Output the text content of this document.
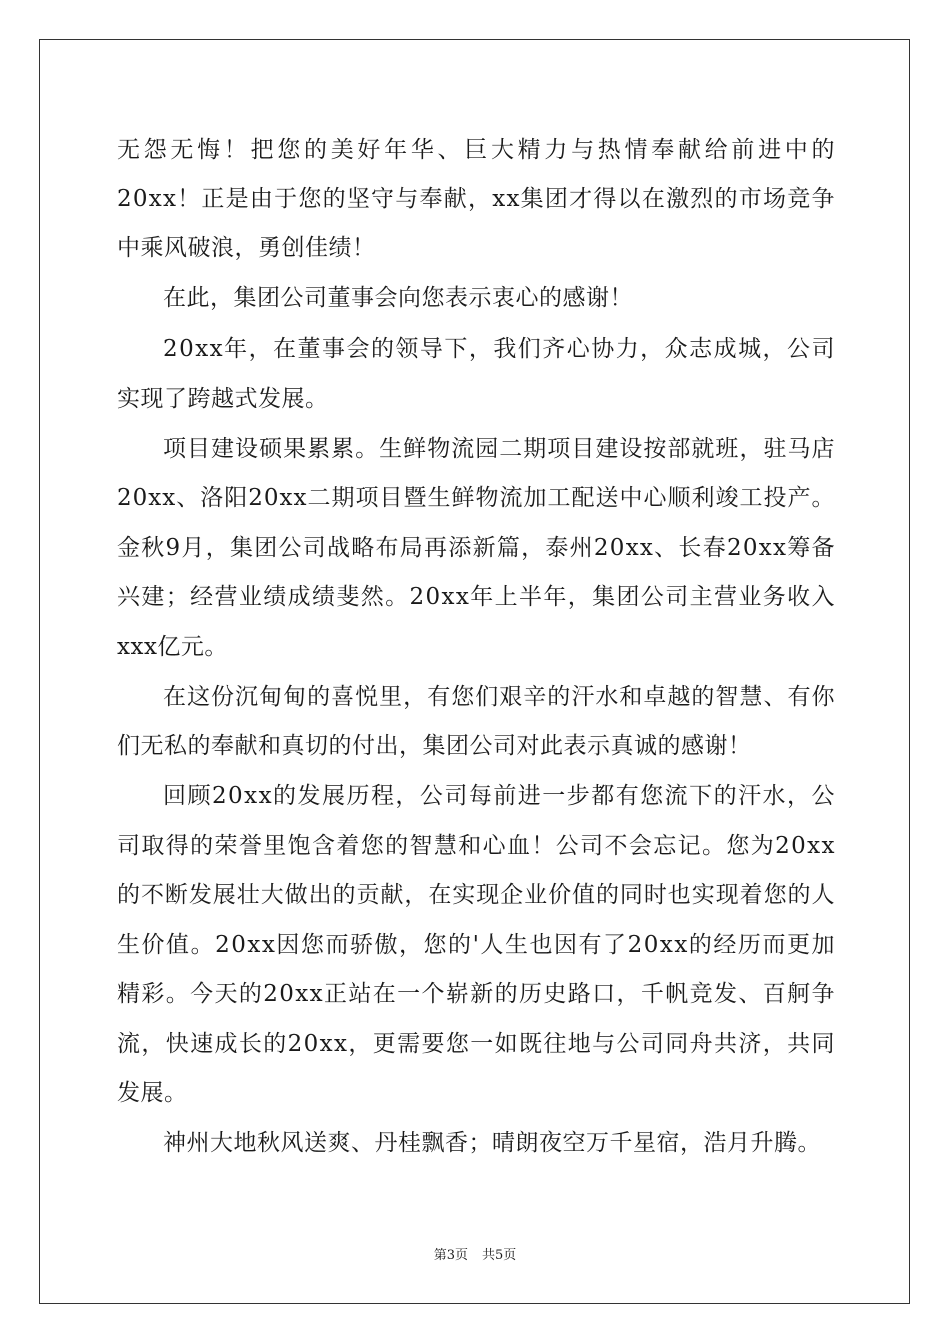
无怨无悔！把您的美好年华、巨大精力与热情奉献给前进中的
20xx！正是由于您的坚守与奉献，xx集团才得以在激烈的市场竞争
中乘风破浪，勇创佳绩！
在此，集团公司董事会向您表示衷心的感谢！
20xx年，在董事会的领导下，我们齐心协力，众志成城，公司
实现了跨越式发展。
项目建设硕果累累。生鲜物流园二期项目建设按部就班，驻马店
20xx、洛阳20xx二期项目暨生鲜物流加工配送中心顺利竣工投产。
金秋9月，集团公司战略布局再添新篇，泰州20xx、长春20xx筹备
兴建；经营业绩成绩斐然。20xx年上半年，集团公司主营业务收入
xxx亿元。
在这份沉甸甸的喜悦里，有您们艰辛的汗水和卓越的智慧、有你
们无私的奉献和真切的付出，集团公司对此表示真诚的感谢！
回顾20xx的发展历程，公司每前进一步都有您流下的汗水，公
司取得的荣誉里饱含着您的智慧和心血！公司不会忘记。您为20xx
的不断发展壮大做出的贡献，在实现企业价值的同时也实现着您的人
生价值。20xx因您而骄傲，您的'人生也因有了20xx的经历而更加
精彩。今天的20xx正站在一个崭新的历史路口，千帆竞发、百舸争
流，快速成长的20xx，更需要您一如既往地与公司同舟共济，共同
发展。
神州大地秋风送爽、丹桂飘香；晴朗夜空万千星宿，浩月升腾。
第3页 共5页
